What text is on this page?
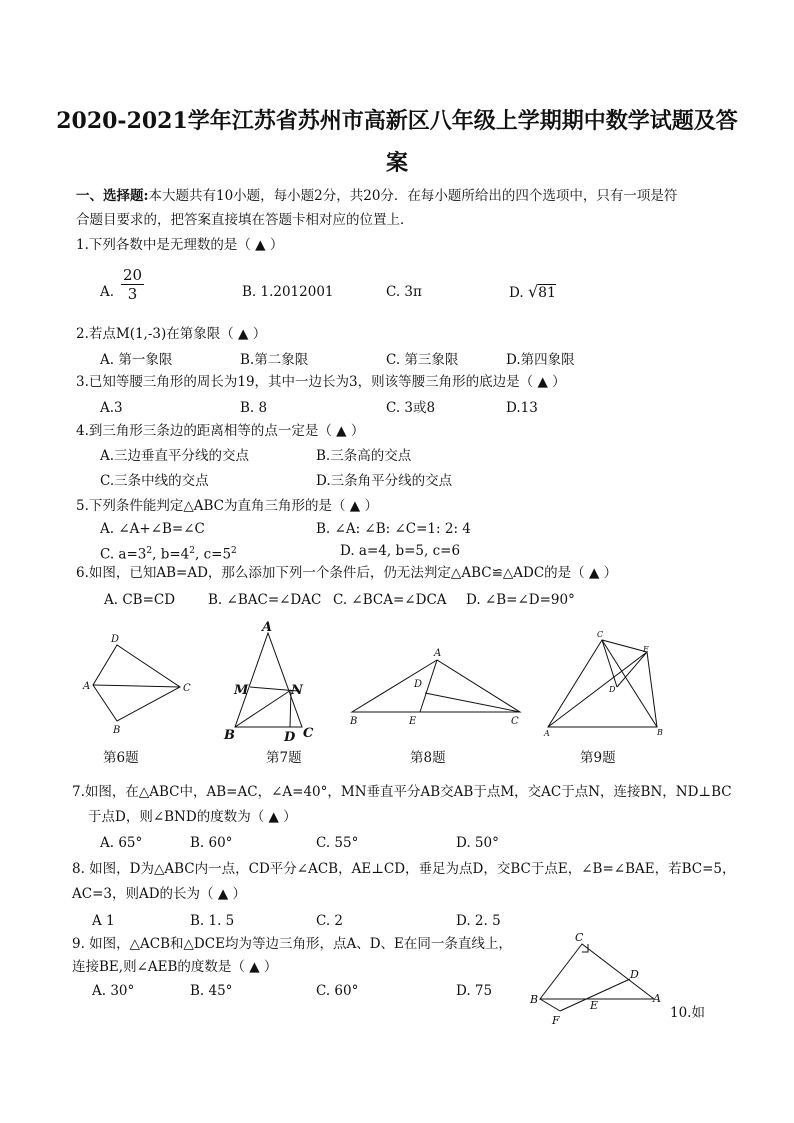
2020-2021学年江苏省苏州市高新区八年级上学期期中数学试题及答
案
一、选择题:本大题共有10小题，每小题2分，共20分．在每小题所给出的四个选项中，只有一项是符
合题目要求的，把答案直接填在答题卡相对应的位置上．
1.下列各数中是无理数的是（ ▲ ）
A. $\frac{20}{3}$	B. 1.2012001	C. 3π	D. √81
2.若点M(1,-3)在第象限（ ▲ ）
A. 第一象限	B.第二象限	C. 第三象限	D.第四象限
3.已知等腰三角形的周长为19，其中一边长为3，则该等腰三角形的底边是（ ▲ ）
A.3	B. 8	C. 3或8	D.13
4.到三角形三条边的距离相等的点一定是（ ▲ ）
A.三边垂直平分线的交点	B.三条高的交点
C.三条中线的交点	D.三条角平分线的交点
5.下列条件能判定△ABC为直角三角形的是（ ▲ ）
A. ∠A+∠B=∠C	B. ∠A: ∠B: ∠C=1: 2: 4
C. $a=3^2$, $b=4^2$, $c=5^2$	D. a=4, b=5, c=6
6.如图，已知AB=AD，那么添加下列一个条件后，仍无法判定△ABC≌△ADC的是（ ▲ ）
A. CB=CD B. ∠BAC=∠DAC C. ∠BCA=∠DCA D. ∠B=∠D=90°
D
A	C
B
A
M	N
B	D C
A
D
B	E	C
C
E
D
A	B
第6题	第7题	第8题	第9题
7.如图，在△ABC中，AB=AC，∠A=40°，MN垂直平分AB交AB于点M，交AC于点N，连接BN，ND⊥BC
于点D，则∠BND的度数为（ ▲ ）
A. 65°	B. 60°	C. 55°	D. 50°
8. 如图，D为△ABC内一点，CD平分∠ACB，AE⊥CD，垂足为点D，交BC于点E，∠B=∠BAE，若BC=5，
AC=3，则AD的长为（ ▲ ）
A 1	B. 1. 5	C. 2	D. 2. 5
9. 如图，△ACB和△DCE均为等边三角形，点A、D、E在同一条直线上，
连接BE,则∠AEB的度数是（ ▲ ）
A. 30°	B. 45°	C. 60°	D. 75
C
D
B	E
A
F	10.如
